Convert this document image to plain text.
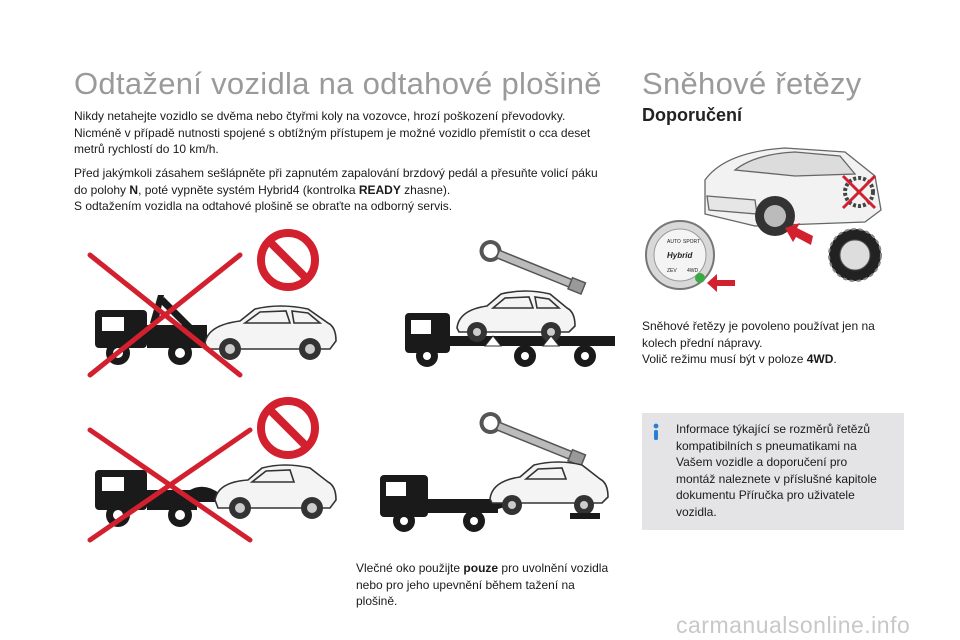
Odtažení vozidla na odtahové plošině

Nikdy netahejte vozidlo se dvěma nebo čtyřmi koly na vozovce, hrozí poškození převodovky.

Nicméně v případě nutnosti spojené s obtížným přístupem je možné vozidlo přemístit o cca deset

metrů rychlostí do 10 km/h.

Před jakýmkoli zásahem sešlápněte při zapnutém zapalování brzdový pedál a přesuňte volicí páku

do polohy N, poté vypněte systém Hybrid4 (kontrolka READY zhasne).

S odtažením vozidla na odtahové plošině se obraťte na odborný servis.

Vlečné oko použijte pouze pro uvolnění vozidla

nebo pro jeho upevnění během tažení na

plošině.

Sněhové řetězy
Doporučení
AUTO SPORT
Hybrid
ZEV 4WD

Sněhové řetězy je povoleno používat jen na

kolech přední nápravy.

Volič režimu musí být v poloze 4WD.

Informace týkající se rozměrů řetězů

kompatibilních s pneumatikami na

Vašem vozidle a doporučení pro

montáž naleznete v příslušné kapitole

dokumentu Příručka pro uživatele

vozidla.

carmanualsonline.info
